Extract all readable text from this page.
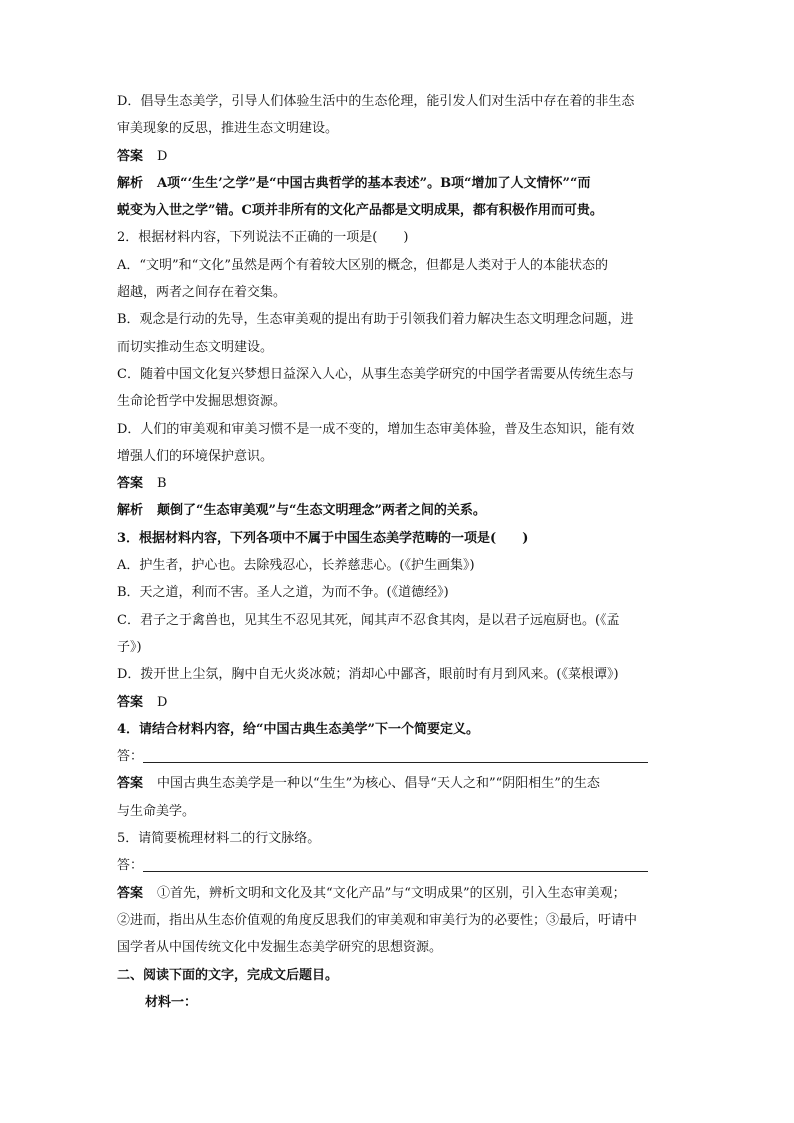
D．倡导生态美学，引导人们体验生活中的生态伦理，能引发人们对生活中存在着的非生态
审美现象的反思，推进生态文明建设。
答案 D
解析 A项“‘生生’之学”是“中国古典哲学的基本表述”。B项“增加了人文情怀”“而
蜕变为入世之学”错。C项并非所有的文化产品都是文明成果，都有积极作用而可贵。
2．根据材料内容，下列说法不正确的一项是(　　)
A．“文明”和“文化”虽然是两个有着较大区别的概念，但都是人类对于人的本能状态的
超越，两者之间存在着交集。
B．观念是行动的先导，生态审美观的提出有助于引领我们着力解决生态文明理念问题，进
而切实推动生态文明建设。
C．随着中国文化复兴梦想日益深入人心，从事生态美学研究的中国学者需要从传统生态与
生命论哲学中发掘思想资源。
D．人们的审美观和审美习惯不是一成不变的，增加生态审美体验，普及生态知识，能有效
增强人们的环境保护意识。
答案 B
解析 颠倒了“生态审美观”与“生态文明理念”两者之间的关系。
3．根据材料内容，下列各项中不属于中国生态美学范畴的一项是(　　)
A．护生者，护心也。去除残忍心，长养慈悲心。(《护生画集》)
B．天之道，利而不害。圣人之道，为而不争。(《道德经》)
C．君子之于禽兽也，见其生不忍见其死，闻其声不忍食其肉，是以君子远庖厨也。(《孟
子》)
D．拨开世上尘氛，胸中自无火炎冰兢；消却心中鄙吝，眼前时有月到风来。(《菜根谭》)
答案 D
4．请结合材料内容，给“中国古典生态美学”下一个简要定义。
答：
答案 中国古典生态美学是一种以“生生”为核心、倡导“天人之和”“阴阳相生”的生态
与生命美学。
5．请简要梳理材料二的行文脉络。
答：
答案 ①首先，辨析文明和文化及其“文化产品”与“文明成果”的区别，引入生态审美观；
②进而，指出从生态价值观的角度反思我们的审美观和审美行为的必要性；③最后，吁请中
国学者从中国传统文化中发掘生态美学研究的思想资源。
二、阅读下面的文字，完成文后题目。
材料一：
